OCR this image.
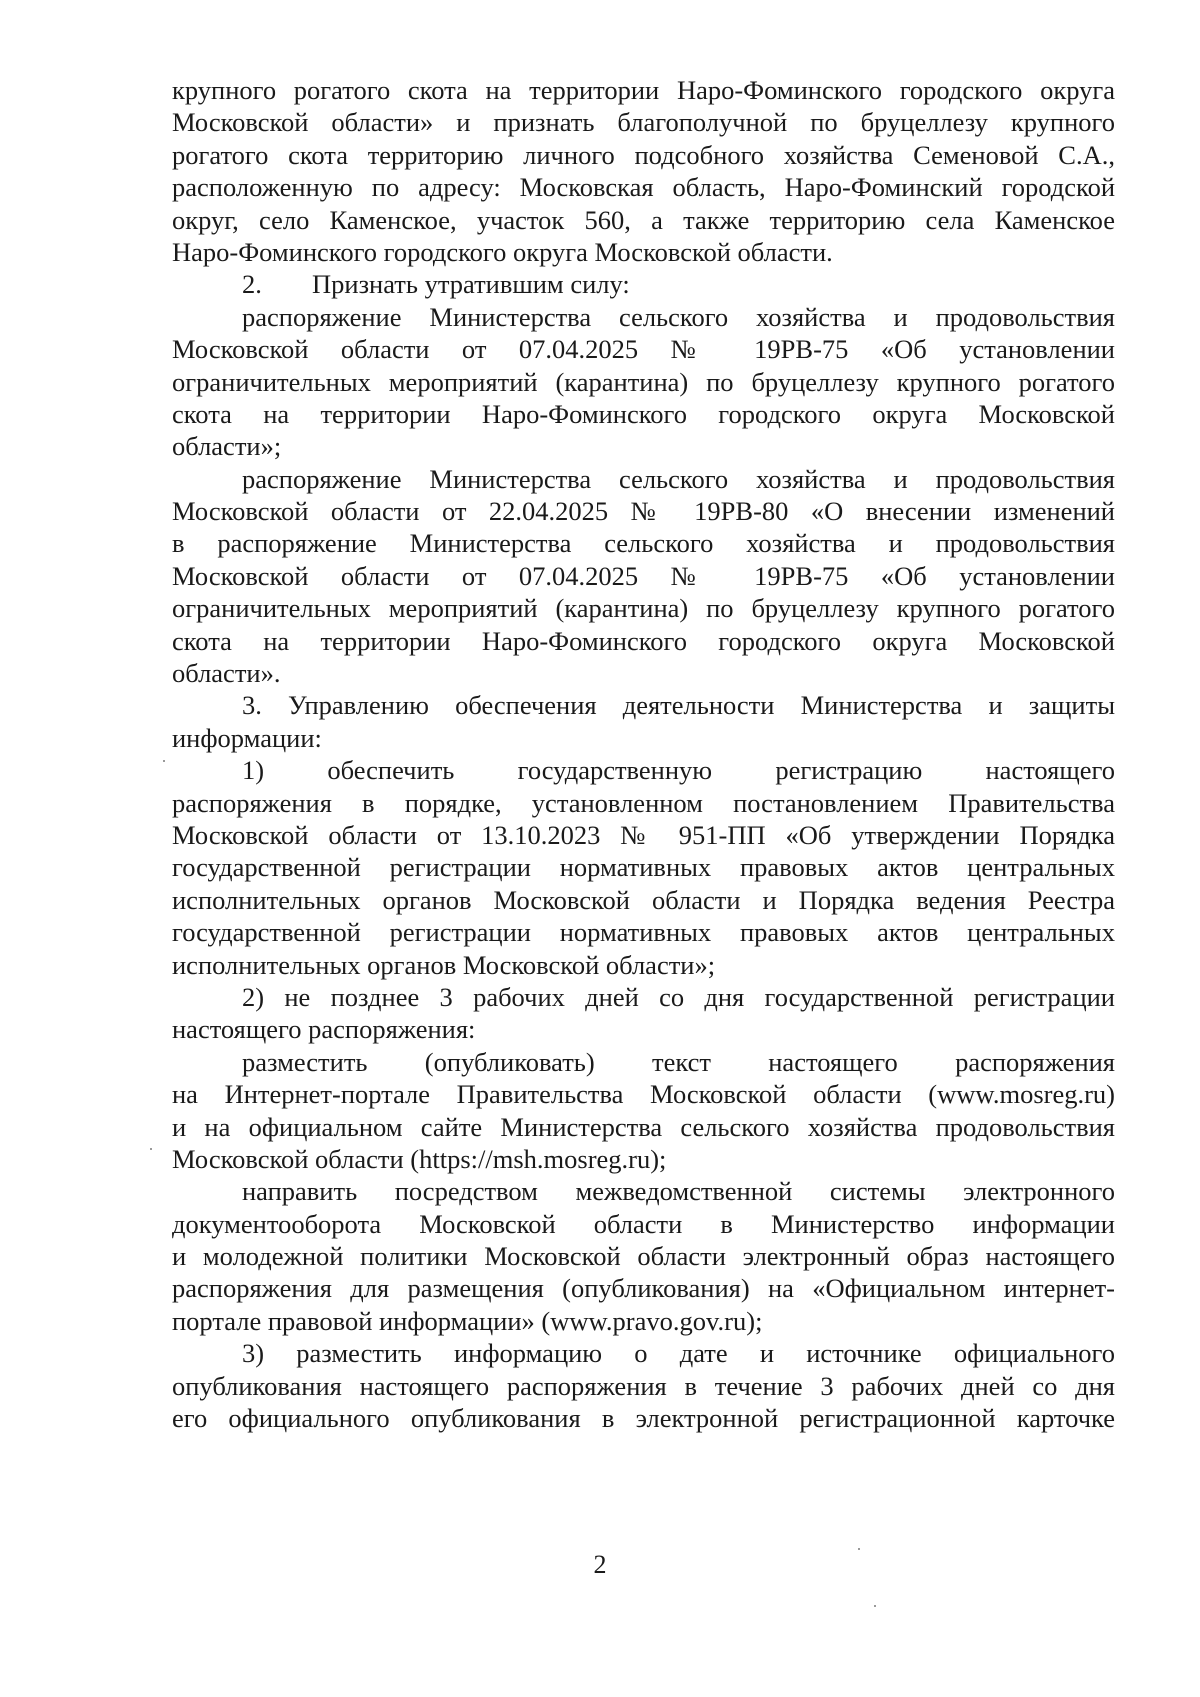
крупного рогатого скота на территории Наро-Фоминского городского округа
Московской области» и признать благополучной по бруцеллезу крупного
рогатого скота территорию личного подсобного хозяйства Семеновой С.А.,
расположенную по адресу: Московская область, Наро-Фоминский городской
округ, село Каменское, участок 560, а также территорию села Каменское
Наро-Фоминского городского округа Московской области.
2. Признать утратившим силу:
распоряжение Министерства сельского хозяйства и продовольствия
Московской области от 07.04.2025 № 19РВ-75 «Об установлении
ограничительных мероприятий (карантина) по бруцеллезу крупного рогатого
скота на территории Наро-Фоминского городского округа Московской
области»;
распоряжение Министерства сельского хозяйства и продовольствия
Московской области от 22.04.2025 № 19РВ-80 «О внесении изменений
в распоряжение Министерства сельского хозяйства и продовольствия
Московской области от 07.04.2025 № 19РВ-75 «Об установлении
ограничительных мероприятий (карантина) по бруцеллезу крупного рогатого
скота на территории Наро-Фоминского городского округа Московской
области».
3. Управлению обеспечения деятельности Министерства и защиты
информации:
1) обеспечить государственную регистрацию настоящего
распоряжения в порядке, установленном постановлением Правительства
Московской области от 13.10.2023 № 951-ПП «Об утверждении Порядка
государственной регистрации нормативных правовых актов центральных
исполнительных органов Московской области и Порядка ведения Реестра
государственной регистрации нормативных правовых актов центральных
исполнительных органов Московской области»;
2) не позднее 3 рабочих дней со дня государственной регистрации
настоящего распоряжения:
разместить (опубликовать) текст настоящего распоряжения
на Интернет-портале Правительства Московской области (www.mosreg.ru)
и на официальном сайте Министерства сельского хозяйства продовольствия
Московской области (https://msh.mosreg.ru);
направить посредством межведомственной системы электронного
документооборота Московской области в Министерство информации
и молодежной политики Московской области электронный образ настоящего
распоряжения для размещения (опубликования) на «Официальном интернет-
портале правовой информации» (www.pravo.gov.ru);
3) разместить информацию о дате и источнике официального
опубликования настоящего распоряжения в течение 3 рабочих дней со дня
его официального опубликования в электронной регистрационной карточке
2
